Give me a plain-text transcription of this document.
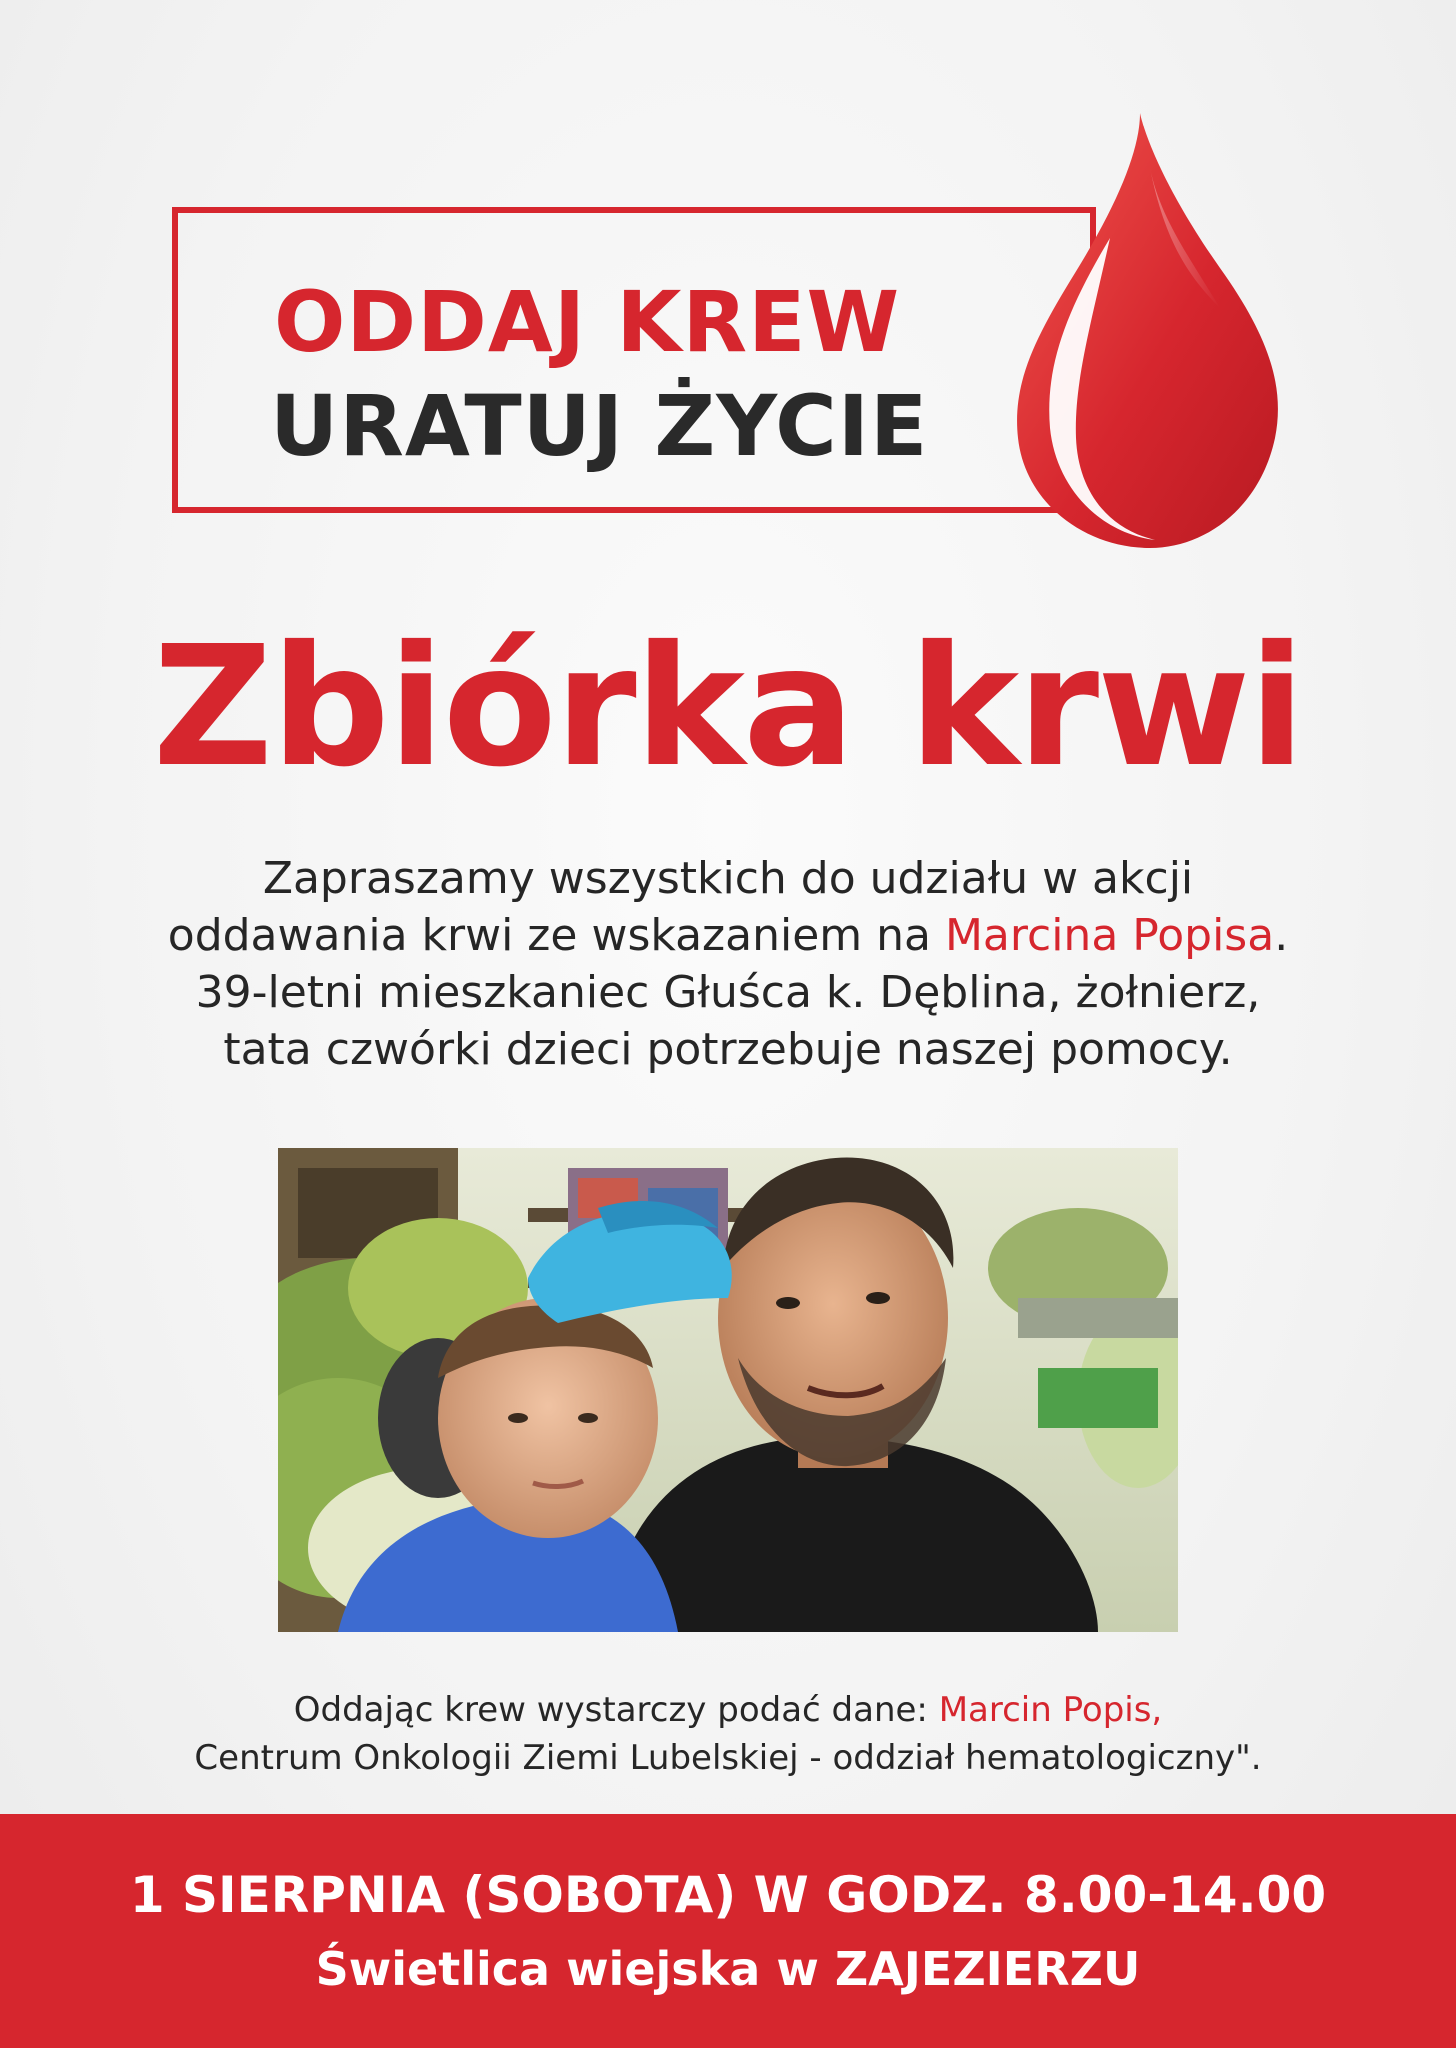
ODDAJ KREW
URATUJ ŻYCIE
Zbiórka krwi
Zapraszamy wszystkich do udziału w akcji
oddawania krwi ze wskazaniem na Marcina Popisa.
39-letni mieszkaniec Głuśca k. Dęblina, żołnierz,
tata czwórki dzieci potrzebuje naszej pomocy.
Oddając krew wystarczy podać dane: Marcin Popis,
Centrum Onkologii Ziemi Lubelskiej - oddział hematologiczny".
1 SIERPNIA (SOBOTA) W GODZ. 8.00-14.00
Świetlica wiejska w ZAJEZIERZU
